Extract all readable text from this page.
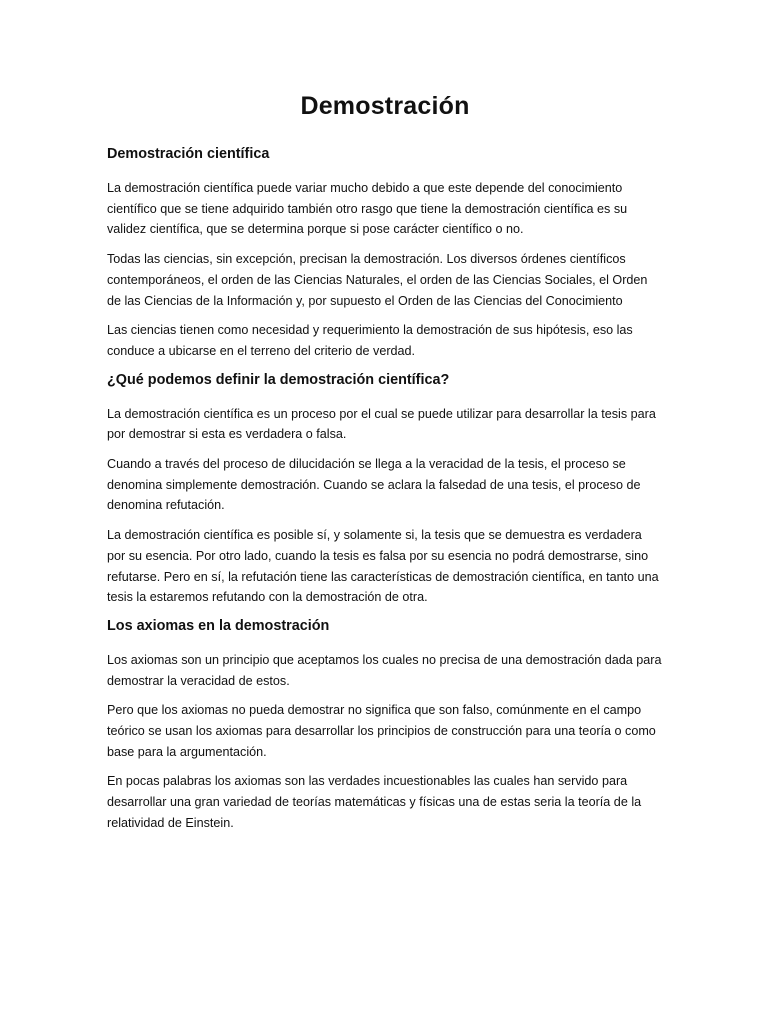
Demostración
Demostración científica

La demostración científica puede variar mucho debido a que este depende del conocimiento científico que se tiene adquirido también otro rasgo que tiene la demostración científica es su validez científica, que se determina porque si pose carácter científico o no.

Todas las ciencias, sin excepción, precisan la demostración. Los diversos órdenes científicos contemporáneos, el orden de las Ciencias Naturales, el orden de las Ciencias Sociales, el Orden de las Ciencias de la Información y, por supuesto el Orden de las Ciencias del Conocimiento

Las ciencias tienen como necesidad y requerimiento la demostración de sus hipótesis, eso las conduce a ubicarse en el terreno del criterio de verdad.

¿Qué podemos definir la demostración científica?

La demostración científica es un proceso por el cual se puede utilizar para desarrollar la tesis para por demostrar si esta es verdadera o falsa.

Cuando a través del proceso de dilucidación se llega a la veracidad de la tesis, el proceso se denomina simplemente demostración. Cuando se aclara la falsedad de una tesis, el proceso de denomina refutación.

La demostración científica es posible sí, y solamente si, la tesis que se demuestra es verdadera por su esencia. Por otro lado, cuando la tesis es falsa por su esencia no podrá demostrarse, sino refutarse. Pero en sí, la refutación tiene las características de demostración científica, en tanto una tesis la estaremos refutando con la demostración de otra.

Los axiomas en la demostración

Los axiomas son un principio que aceptamos los cuales no precisa de una demostración dada para demostrar la veracidad de estos.

Pero que los axiomas no pueda demostrar no significa que son falso, comúnmente en el campo teórico se usan los axiomas para desarrollar los principios de construcción para una teoría o como base para la argumentación.

En pocas palabras los axiomas son las verdades incuestionables las cuales han servido para desarrollar una gran variedad de teorías matemáticas y físicas una de estas seria la teoría de la relatividad de Einstein.
